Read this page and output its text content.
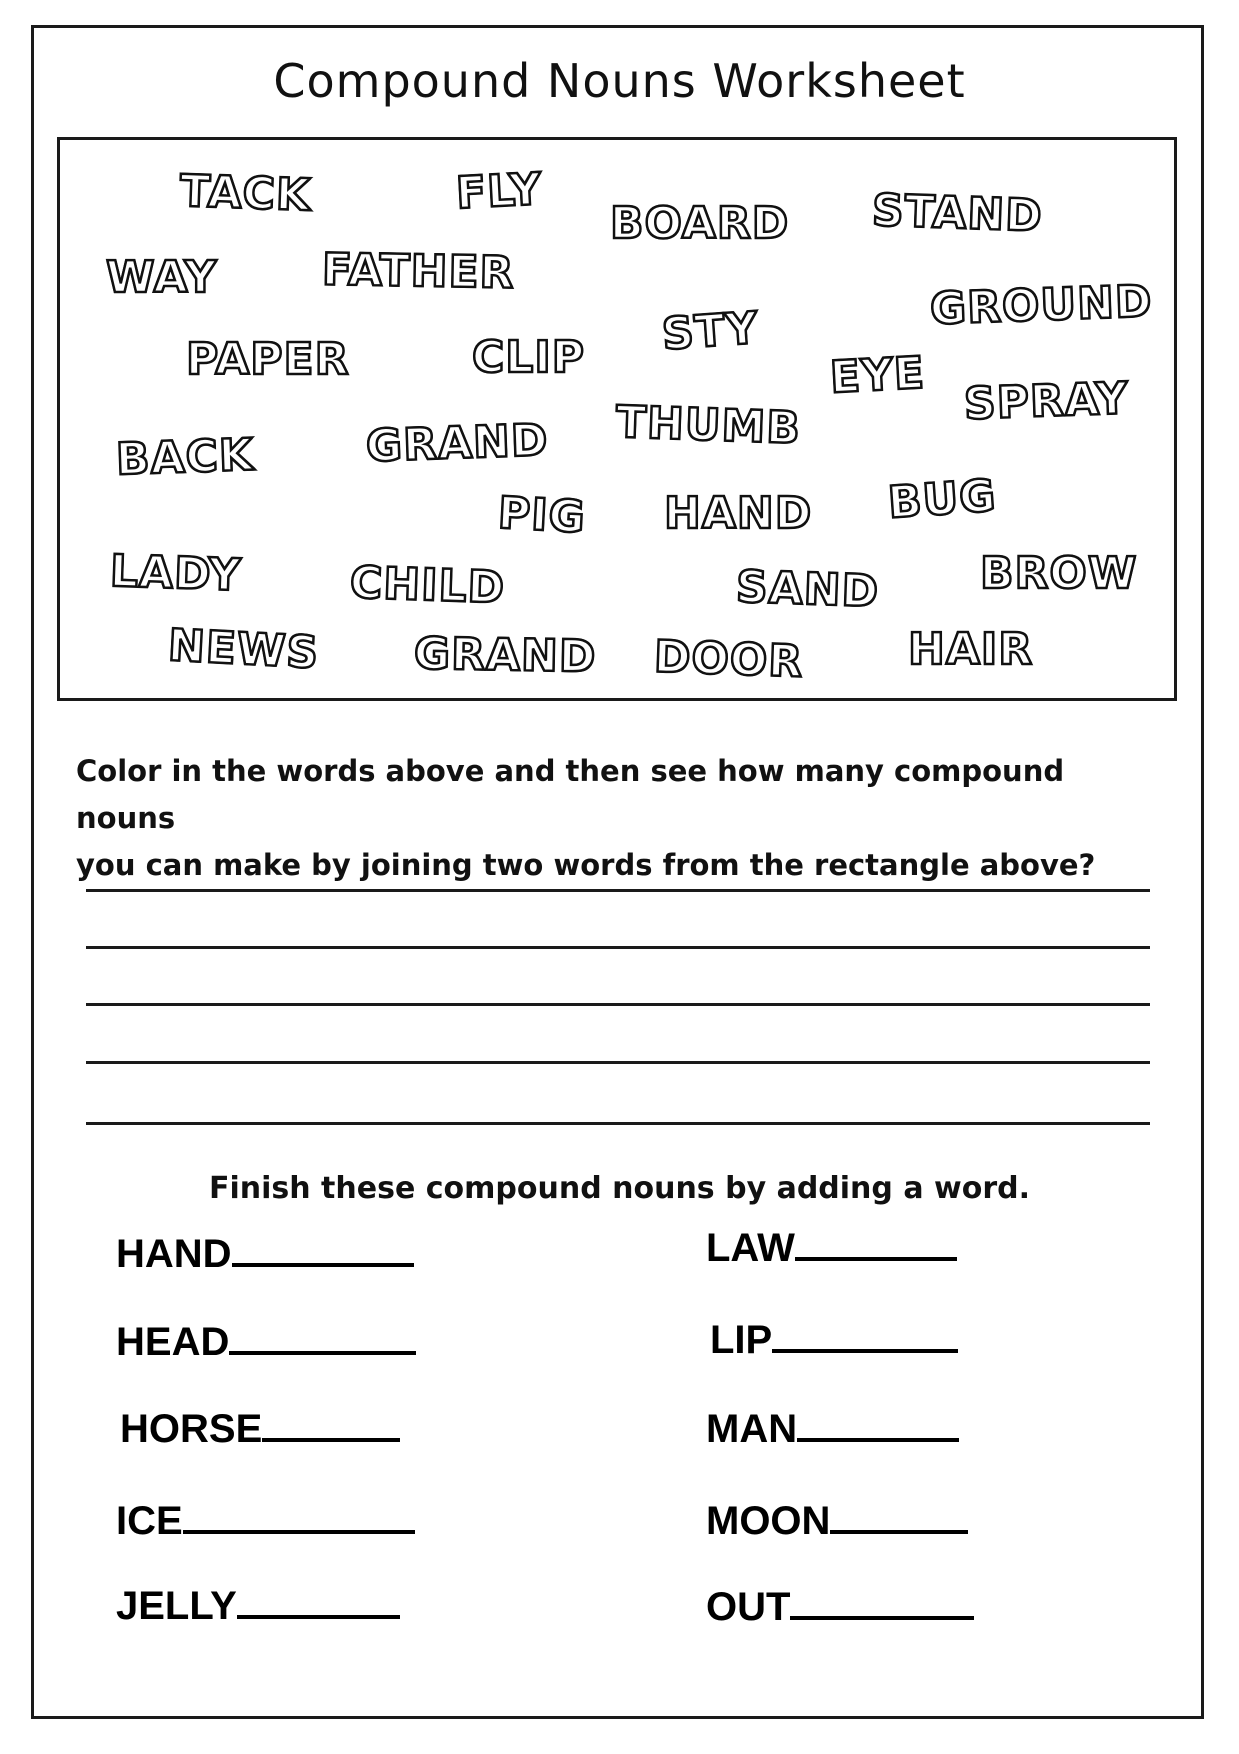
Compound Nouns Worksheet
TACK	FLY
BOARD STAND
WAY FATHER
GROUND
STY
PAPER	CLIP	EYE SPRAY
THUMB
BACK	GRAND
PIG HAND BUG
LADY CHILD	SAND BROW
NEWS GRAND DOOR HAIR
Color in the words above and then see how many compound nouns
you can make by joining two words from the rectangle above?
Finish these compound nouns by adding a word.
HAND
HEAD
HORSE
ICE
JELLY
LAW
LIP
MAN
MOON
OUT
